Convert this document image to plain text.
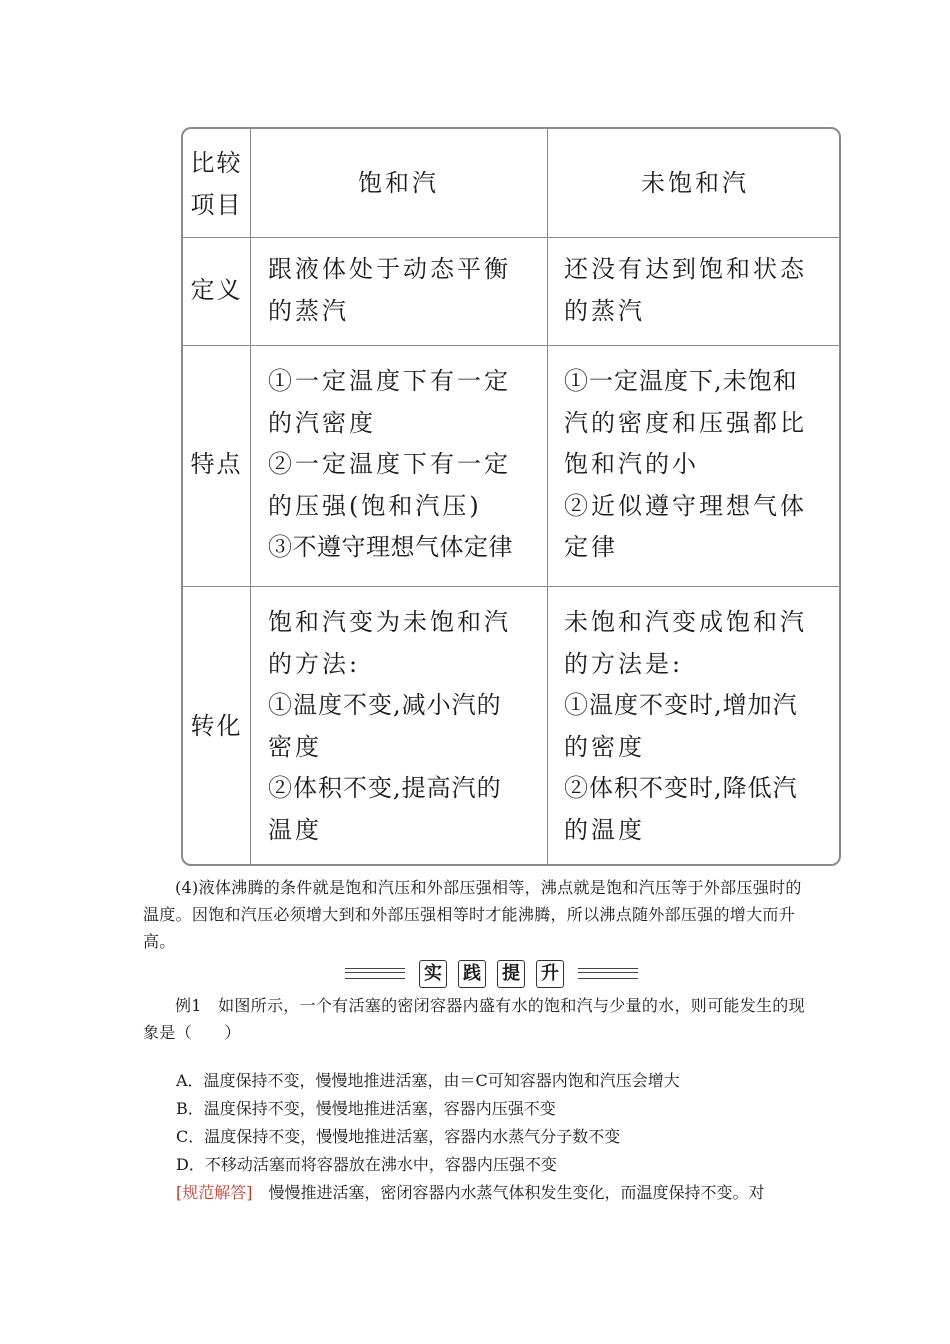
比较
项目
饱和汽	未饱和汽
定义
跟液体处于动态平衡
的蒸汽
还没有达到饱和状态
的蒸汽
特点
①一定温度下有一定
的汽密度
②一定温度下有一定
的压强(饱和汽压)
③不遵守理想气体定律
①一定温度下,未饱和
汽的密度和压强都比
饱和汽的小
②近似遵守理想气体
定律
转化
饱和汽变为未饱和汽
的方法:
①温度不变,减小汽的
密度
②体积不变,提高汽的
温度
未饱和汽变成饱和汽
的方法是:
①温度不变时,增加汽
的密度
②体积不变时,降低汽
的温度
(4)液体沸腾的条件就是饱和汽压和外部压强相等，沸点就是饱和汽压等于外部压强时的温度。因饱和汽压必须增大到和外部压强相等时才能沸腾，所以沸点随外部压强的增大而升高。
实 践 提 升
例1　如图所示，一个有活塞的密闭容器内盛有水的饱和汽与少量的水，则可能发生的现象是（　　）
A．温度保持不变，慢慢地推进活塞，由＝C可知容器内饱和汽压会增大
B．温度保持不变，慢慢地推进活塞，容器内压强不变
C．温度保持不变，慢慢地推进活塞，容器内水蒸气分子数不变
D．不移动活塞而将容器放在沸水中，容器内压强不变
[规范解答]　慢慢推进活塞，密闭容器内水蒸气体积发生变化，而温度保持不变。对
